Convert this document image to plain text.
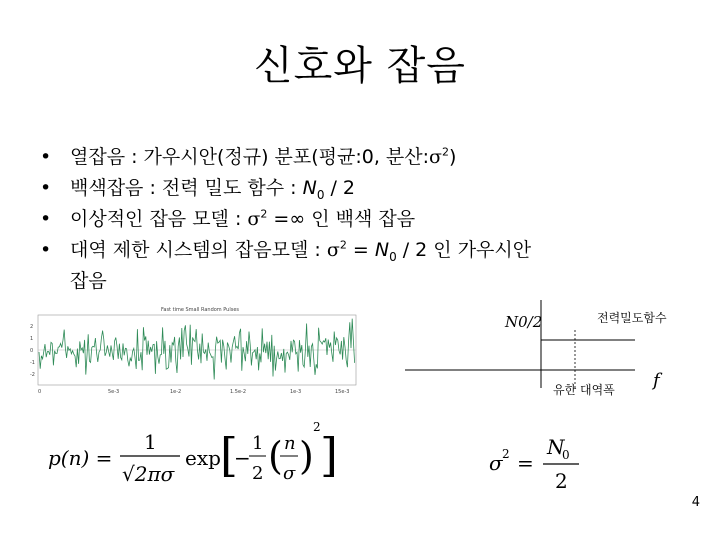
신호와 잡음
• 열잡음 : 가우시안(정규) 분포(평균:0, 분산$:\sigma^2$)
• 백색잡음 : 전력 밀도 함수 : $N_0 / 2$
• 이상적인 잡음 모델 : $\sigma^2$ =∞ 인 백색 잡음
• 대역 제한 시스템의 잡음모델 : $\sigma^2 = N_0 / 2$ 인 가우시안
잡음
Fast time Small Random Pulses
2
1
0
-1
-2
0	5e-3	1e-2	1.5e-2	1e-3	15e-3
N0/2	전력밀도함수
유한 대역폭 f
p(n) =
1
√2πσ
exp [
−
1
2 ( n
σ )
2
]	σ 2 =
N
0
2
4
